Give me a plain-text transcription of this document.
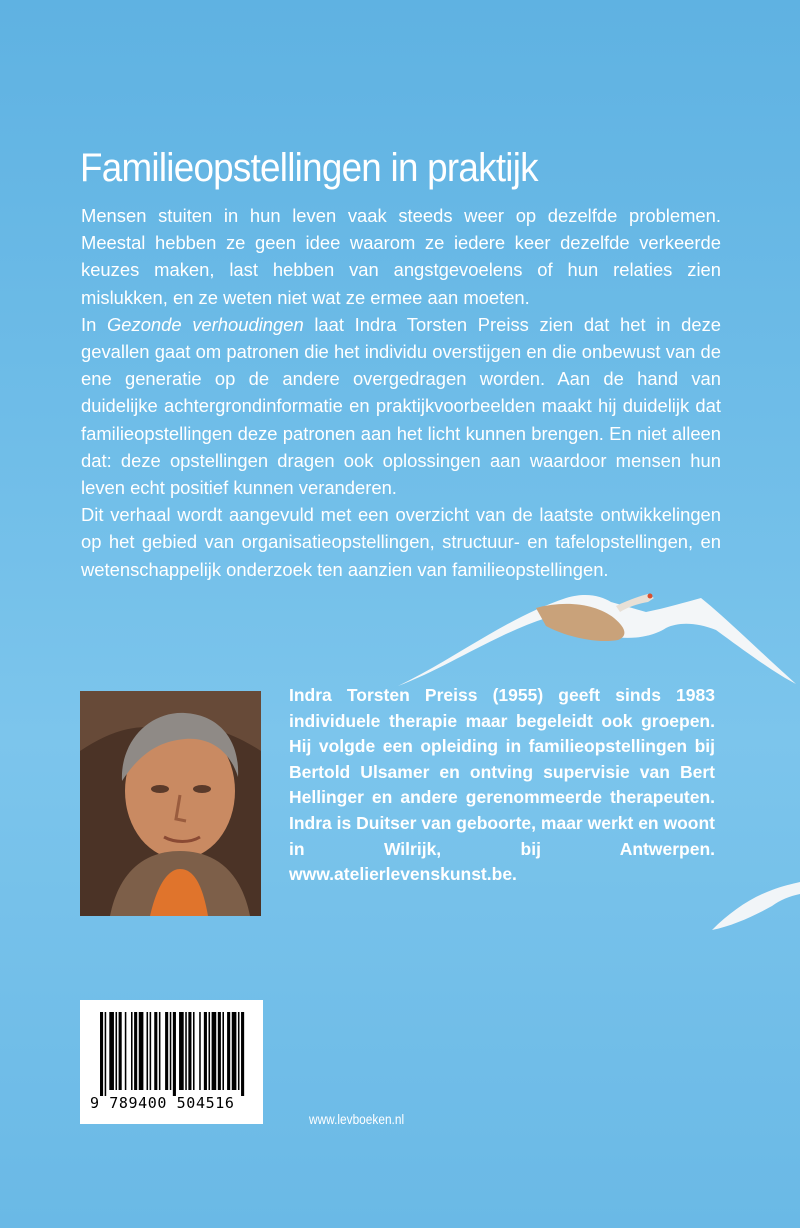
Familieopstellingen in praktijk

Mensen stuiten in hun leven vaak steeds weer op dezelfde problemen. Meestal hebben ze geen idee waarom ze iedere keer dezelfde verkeerde keuzes maken, last hebben van angstgevoelens of hun relaties zien mislukken, en ze weten niet wat ze ermee aan moeten.

In Gezonde verhoudingen laat Indra Torsten Preiss zien dat het in deze gevallen gaat om patronen die het individu overstijgen en die onbewust van de ene generatie op de andere overgedragen worden. Aan de hand van duidelijke achtergrondinformatie en praktijkvoorbeelden maakt hij duidelijk dat familieopstellingen deze patronen aan het licht kunnen brengen. En niet alleen dat: deze opstellingen dragen ook oplossingen aan waardoor mensen hun leven echt positief kunnen veranderen.

Dit verhaal wordt aangevuld met een overzicht van de laatste ontwikkelingen op het gebied van organisatieopstellingen, structuur- en tafelopstellingen, en wetenschappelijk onderzoek ten aanzien van familieopstellingen.

Indra Torsten Preiss (1955) geeft sinds 1983 individuele therapie maar begeleidt ook groepen. Hij volgde een opleiding in familieopstellingen bij Bertold Ulsamer en ontving supervisie van Bert Hellinger en andere gerenommeerde therapeuten. Indra is Duitser van geboorte, maar werkt en woont in Wilrijk, bij Antwerpen. www.atelierlevenskunst.be.

9 789400 504516
www.levboeken.nl
